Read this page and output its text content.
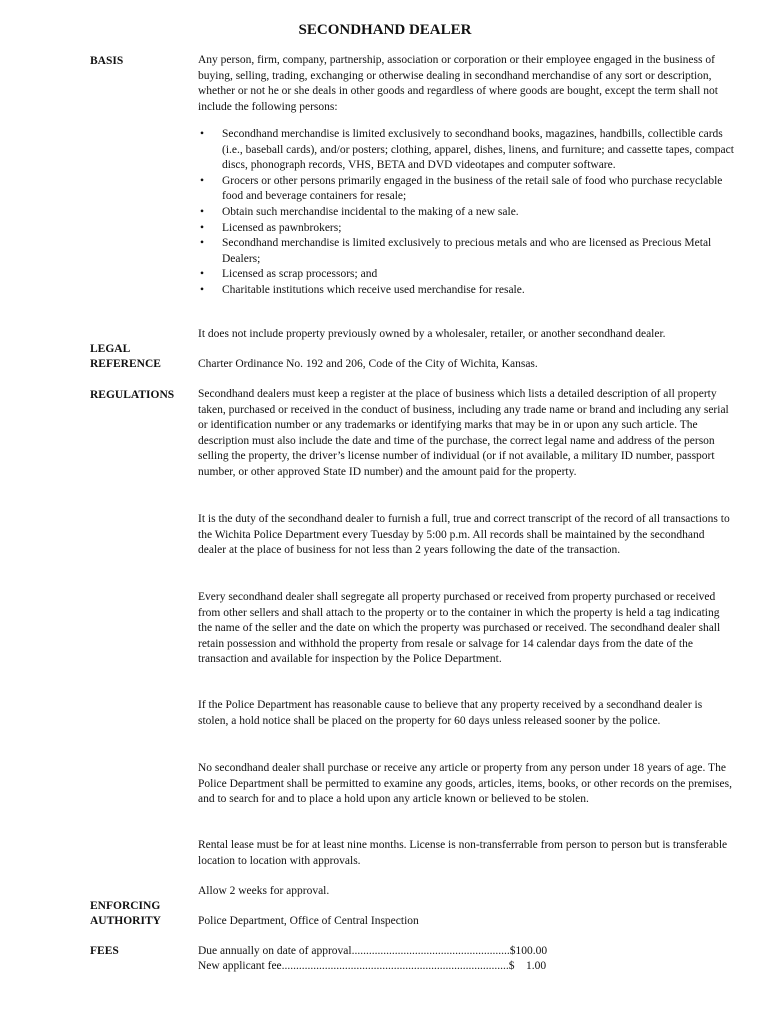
SECONDHAND DEALER
BASIS	Any person, firm, company, partnership, association or corporation or their employee engaged in the business of buying, selling, trading, exchanging or otherwise dealing in secondhand merchandise of any sort or description, whether or not he or she deals in other goods and regardless of where goods are bought, except the term shall not include the following persons:

• Secondhand merchandise is limited exclusively to secondhand books, magazines, handbills, collectible cards (i.e., baseball cards), and/or posters; clothing, apparel, dishes, linens, and furniture; and cassette tapes, compact discs, phonograph records, VHS, BETA and DVD videotapes and computer software.
• Grocers or other persons primarily engaged in the business of the retail sale of food who purchase recyclable food and beverage containers for resale;
• Obtain such merchandise incidental to the making of a new sale.
• Licensed as pawnbrokers;
• Secondhand merchandise is limited exclusively to precious metals and who are licensed as Precious Metal Dealers;
• Licensed as scrap processors; and
• Charitable institutions which receive used merchandise for resale.

It does not include property previously owned by a wholesaler, retailer, or another secondhand dealer.

LEGAL
REFERENCE	Charter Ordinance No. 192 and 206, Code of the City of Wichita, Kansas.

REGULATIONS Secondhand dealers must keep a register at the place of business which lists a detailed description of all property taken, purchased or received in the conduct of business, including any trade name or brand and including any serial or identification number or any trademarks or identifying marks that may be in or upon any such article. The description must also include the date and time of the purchase, the correct legal name and address of the person selling the property, the driver’s license number of individual (or if not available, a military ID number, passport number, or other approved State ID number) and the amount paid for the property.

It is the duty of the secondhand dealer to furnish a full, true and correct transcript of the record of all transactions to the Wichita Police Department every Tuesday by 5:00 p.m. All records shall be maintained by the secondhand dealer at the place of business for not less than 2 years following the date of the transaction.

Every secondhand dealer shall segregate all property purchased or received from property purchased or received from other sellers and shall attach to the property or to the container in which the property is held a tag indicating the name of the seller and the date on which the property was purchased or received. The secondhand dealer shall retain possession and withhold the property from resale or salvage for 14 calendar days from the date of the transaction and available for inspection by the Police Department.

If the Police Department has reasonable cause to believe that any property received by a secondhand dealer is stolen, a hold notice shall be placed on the property for 60 days unless released sooner by the police.

No secondhand dealer shall purchase or receive any article or property from any person under 18 years of age. The Police Department shall be permitted to examine any goods, articles, items, books, or other records on the premises, and to search for and to place a hold upon any article known or believed to be stolen.

Rental lease must be for at least nine months. License is non-transferrable from person to person but is transferable location to location with approvals.

Allow 2 weeks for approval.

ENFORCING
AUTHORITY	Police Department, Office of Central Inspection

FEES	Due annually on date of approval.......................................................$100.00
New applicant fee...............................................................................$    1.00
